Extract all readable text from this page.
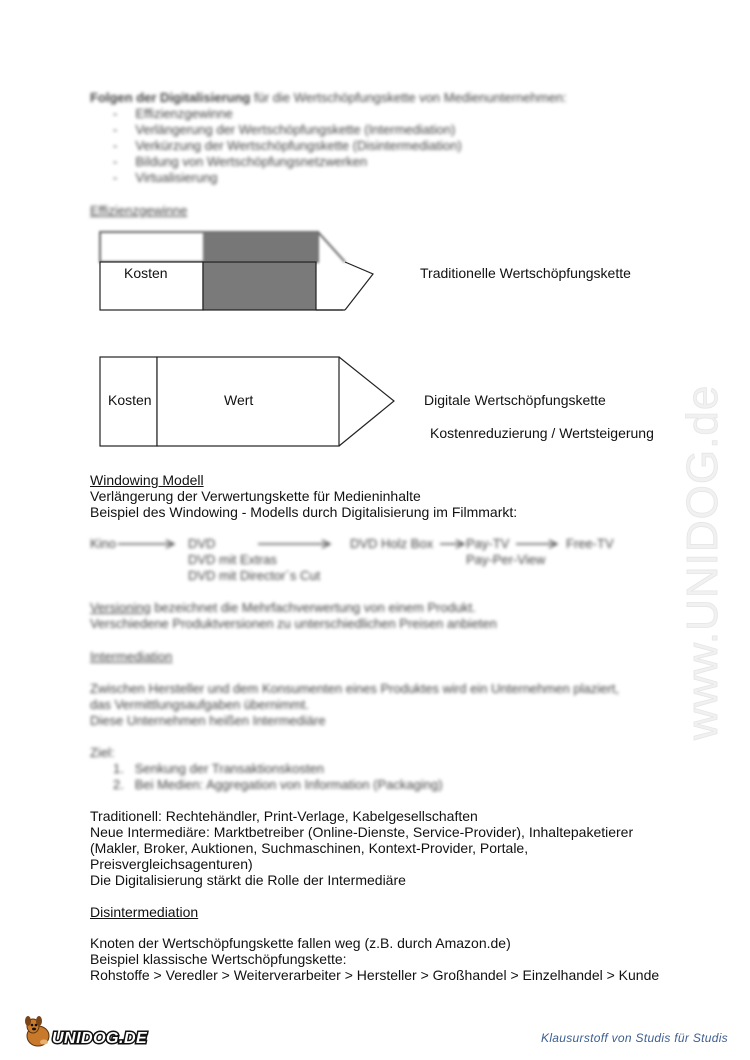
Folgen der Digitalisierung für die Wertschöpfungskette von Medienunternehmen:
-     Effizienzgewinne
-     Verlängerung der Wertschöpfungskette (Intermediation)
-     Verkürzung der Wertschöpfungskette (Disintermediation)
-     Bildung von Wertschöpfungsnetzwerken
-     Virtualisierung
Effizienzgewinne
Kosten	Traditionelle Wertschöpfungskette
Kosten	Wert	Digitale Wertschöpfungskette
Kostenreduzierung / Wertsteigerung
Windowing Modell
Verlängerung der Verwertungskette für Medieninhalte
Beispiel des Windowing - Modells durch Digitalisierung im Filmmarkt:
Kino	DVD
DVD mit Extras
DVD mit Director´s Cut
DVD Holz Box	Pay-TV
Pay-Per-View
Free-TV
Versioning bezeichnet die Mehrfachverwertung von einem Produkt.
Verschiedene Produktversionen zu unterschiedlichen Preisen anbieten
Intermediation
Zwischen Hersteller und dem Konsumenten eines Produktes wird ein Unternehmen plaziert,
das Vermittlungsaufgaben übernimmt.
Diese Unternehmen heißen Intermediäre
Ziel:
1.   Senkung der Transaktionskosten
2.   Bei Medien: Aggregation von Information (Packaging)
Traditionell: Rechtehändler, Print-Verlage, Kabelgesellschaften
Neue Intermediäre: Marktbetreiber (Online-Dienste, Service-Provider), Inhaltepaketierer
(Makler, Broker, Auktionen, Suchmaschinen, Kontext-Provider, Portale,
Preisvergleichsagenturen)
Die Digitalisierung stärkt die Rolle der Intermediäre
Disintermediation
Knoten der Wertschöpfungskette fallen weg (z.B. durch Amazon.de)
Beispiel klassische Wertschöpfungskette:
Rohstoffe > Veredler > Weiterverarbeiter > Hersteller > Großhandel > Einzelhandel > Kunde
www.UNIDOG.de
UNIDOG.DE	Klausurstoff von Studis für Studis
